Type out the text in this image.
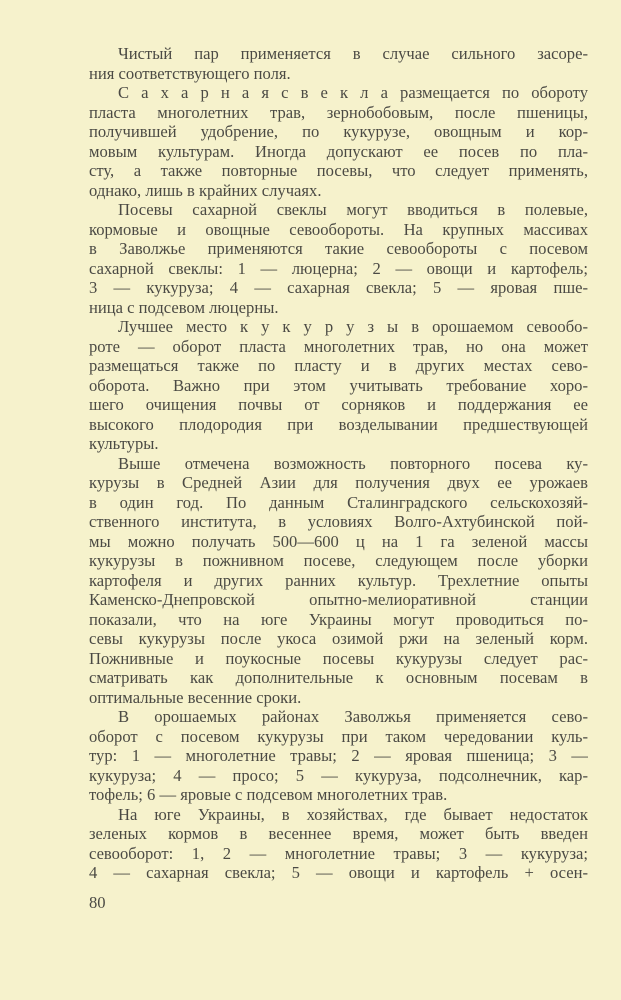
Чистый пар применяется в случае сильного засоре-
ния соответствующего поля.
С а х а р н а я с в е к л а размещается по обороту
пласта многолетних трав, зернобобовым, после пшеницы,
получившей удобрение, по кукурузе, овощным и кор-
мовым культурам. Иногда допускают ее посев по пла-
сту, а также повторные посевы, что следует применять,
однако, лишь в крайних случаях.
Посевы сахарной свеклы могут вводиться в полевые,
кормовые и овощные севообороты. На крупных массивах
в Заволжье применяются такие севообороты с посевом
сахарной свеклы: 1 — люцерна; 2 — овощи и картофель;
3 — кукуруза; 4 — сахарная свекла; 5 — яровая пше-
ница с подсевом люцерны.
Лучшее место к у к у р у з ы в орошаемом севообо-
роте — оборот пласта многолетних трав, но она может
размещаться также по пласту и в других местах сево-
оборота. Важно при этом учитывать требование хоро-
шего очищения почвы от сорняков и поддержания ее
высокого плодородия при возделывании предшествующей
культуры.
Выше отмечена возможность повторного посева ку-
курузы в Средней Азии для получения двух ее урожаев
в один год. По данным Сталинградского сельскохозяй-
ственного института, в условиях Волго-Ахтубинской пой-
мы можно получать 500—600 ц на 1 га зеленой массы
кукурузы в пожнивном посеве, следующем после уборки
картофеля и других ранних культур. Трехлетние опыты
Каменско-Днепровской опытно-мелиоративной станции
показали, что на юге Украины могут проводиться по-
севы кукурузы после укоса озимой ржи на зеленый корм.
Пожнивные и поукосные посевы кукурузы следует рас-
сматривать как дополнительные к основным посевам в
оптимальные весенние сроки.
В орошаемых районах Заволжья применяется сево-
оборот с посевом кукурузы при таком чередовании куль-
тур: 1 — многолетние травы; 2 — яровая пшеница; 3 —
кукуруза; 4 — просо; 5 — кукуруза, подсолнечник, кар-
тофель; 6 — яровые с подсевом многолетних трав.
На юге Украины, в хозяйствах, где бывает недостаток
зеленых кормов в весеннее время, может быть введен
севооборот: 1, 2 — многолетние травы; 3 — кукуруза;
4 — сахарная свекла; 5 — овощи и картофель + осен-
80
